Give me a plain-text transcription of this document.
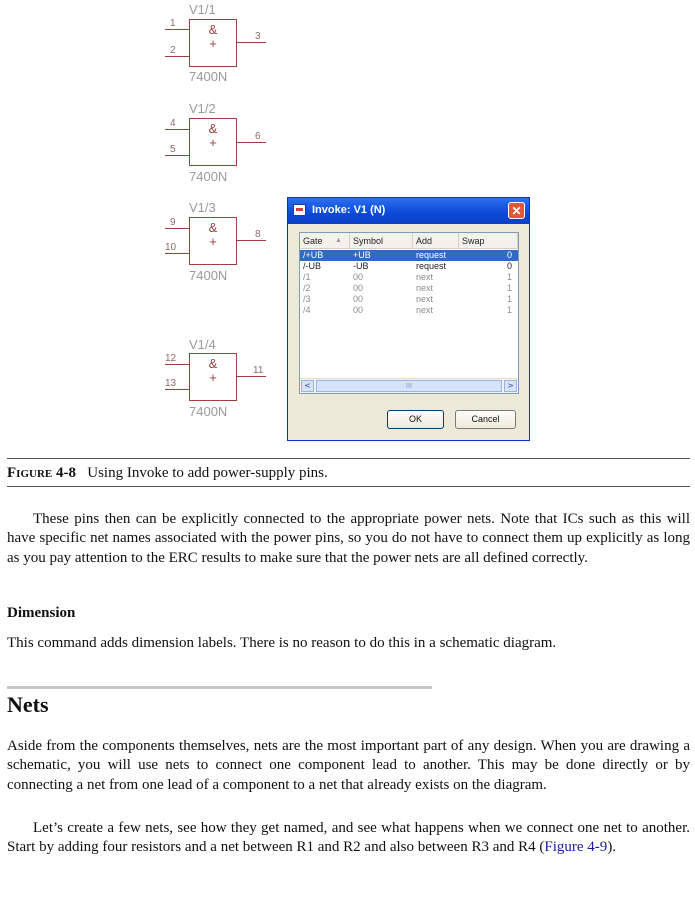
V1/1
1
2
3
&
+
7400N
V1/2
4
5
6
&
+
7400N
V1/3
9
10
8
&
+
7400N
V1/4
12
13
11
&
+
7400N
Invoke: V1 (N)	✕
Gate ▲	Symbol	Add	Swap
/+UB	+UB	request	0
/-UB	-UB	request	0
/1	00	next	1
/2	00	next	1
/3	00	next	1
/4	00	next	1
<	III	>
OK	Cancel
Figure 4-8 Using Invoke to add power-supply pins.
These pins then can be explicitly connected to the appropriate power nets. Note that ICs such as this will have specific net names associated with the power pins, so you do not have to connect them up explicitly as long as you pay attention to the ERC results to make sure that the power nets are all defined correctly.
Dimension
This command adds dimension labels. There is no reason to do this in a schematic diagram.
Nets
Aside from the components themselves, nets are the most important part of any design. When you are drawing a schematic, you will use nets to connect one component lead to another. This may be done directly or by connecting a net from one lead of a component to a net that already exists on the diagram.
Let’s create a few nets, see how they get named, and see what happens when we connect one net to another. Start by adding four resistors and a net between R1 and R2 and also between R3 and R4 (Figure 4-9).
